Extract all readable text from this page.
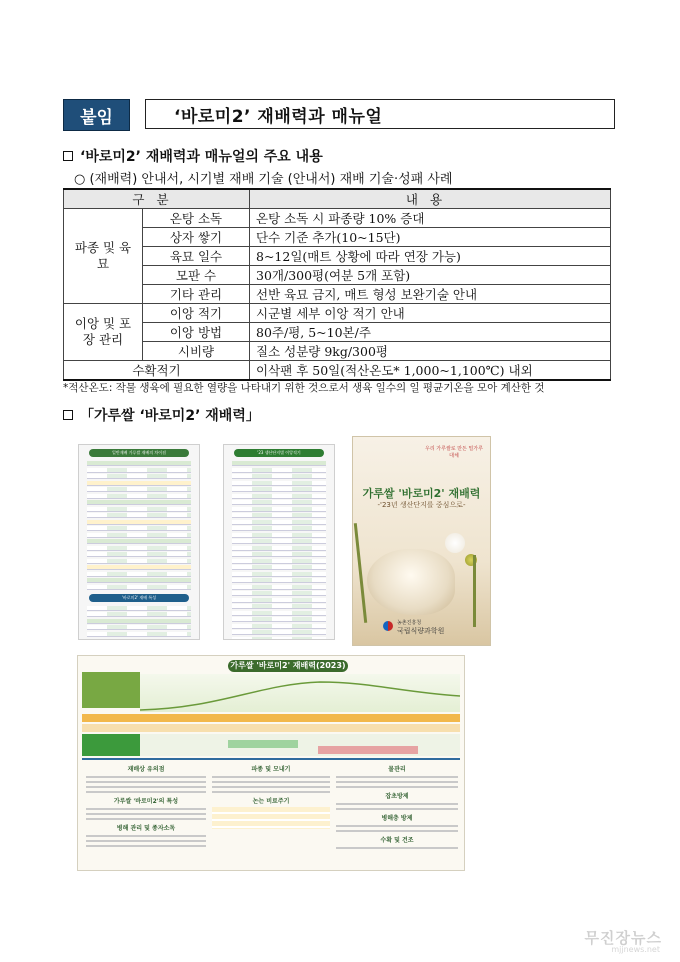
붙임	‘바로미2’ 재배력과 매뉴얼
‘바로미2’ 재배력과 매뉴얼의 주요 내용
○ (재배력) 안내서, 시기별 재배 기술 (안내서) 재배 기술·성패 사례
구분		내용
파종 및 육묘	온탕 소독	온탕 소독 시 파종량 10% 증대
	상자 쌓기	단수 기준 추가(10~15단)
	육묘 일수	8~12일(매트 상황에 따라 연장 가능)
	모판 수	30개/300평(여분 5개 포함)
	기타 관리	선반 육묘 금지, 매트 형성 보완기술 안내
이앙 및 포장 관리	이앙 적기	시군별 세부 이앙 적기 안내
	이앙 방법	80주/평, 5~10본/주
	시비량	질소 성분량 9kg/300평
수확적기		이삭팬 후 50일(적산온도* 1,000~1,100℃) 내외
*적산온도: 작물 생육에 필요한 열량을 나타내기 위한 것으로서 생육 일수의 일 평균기온을 모아 계산한 것
「가루쌀 ‘바로미2’ 재배력」
일반재배 가루쌀 재배의 차이점
'바로미2' 재배 특성
'23 생산단지별 이앙적기
우리 가루쌀로 만든 밀가루 대체
가루쌀 '바로미2' 재배력
-'23년 생산단지를 중심으로-
농촌진흥청
국립식량과학원
가루쌀 '바로미2' 재배력(2023)
재배상 유의점
가루쌀 '바로미2'의 특성
병해 관리 및 종자소독
파종 및 모내기
논는 비료주기
물관리
잡초방제
병해충 방제
수확 및 건조
무진장뉴스
mjjnews.net
